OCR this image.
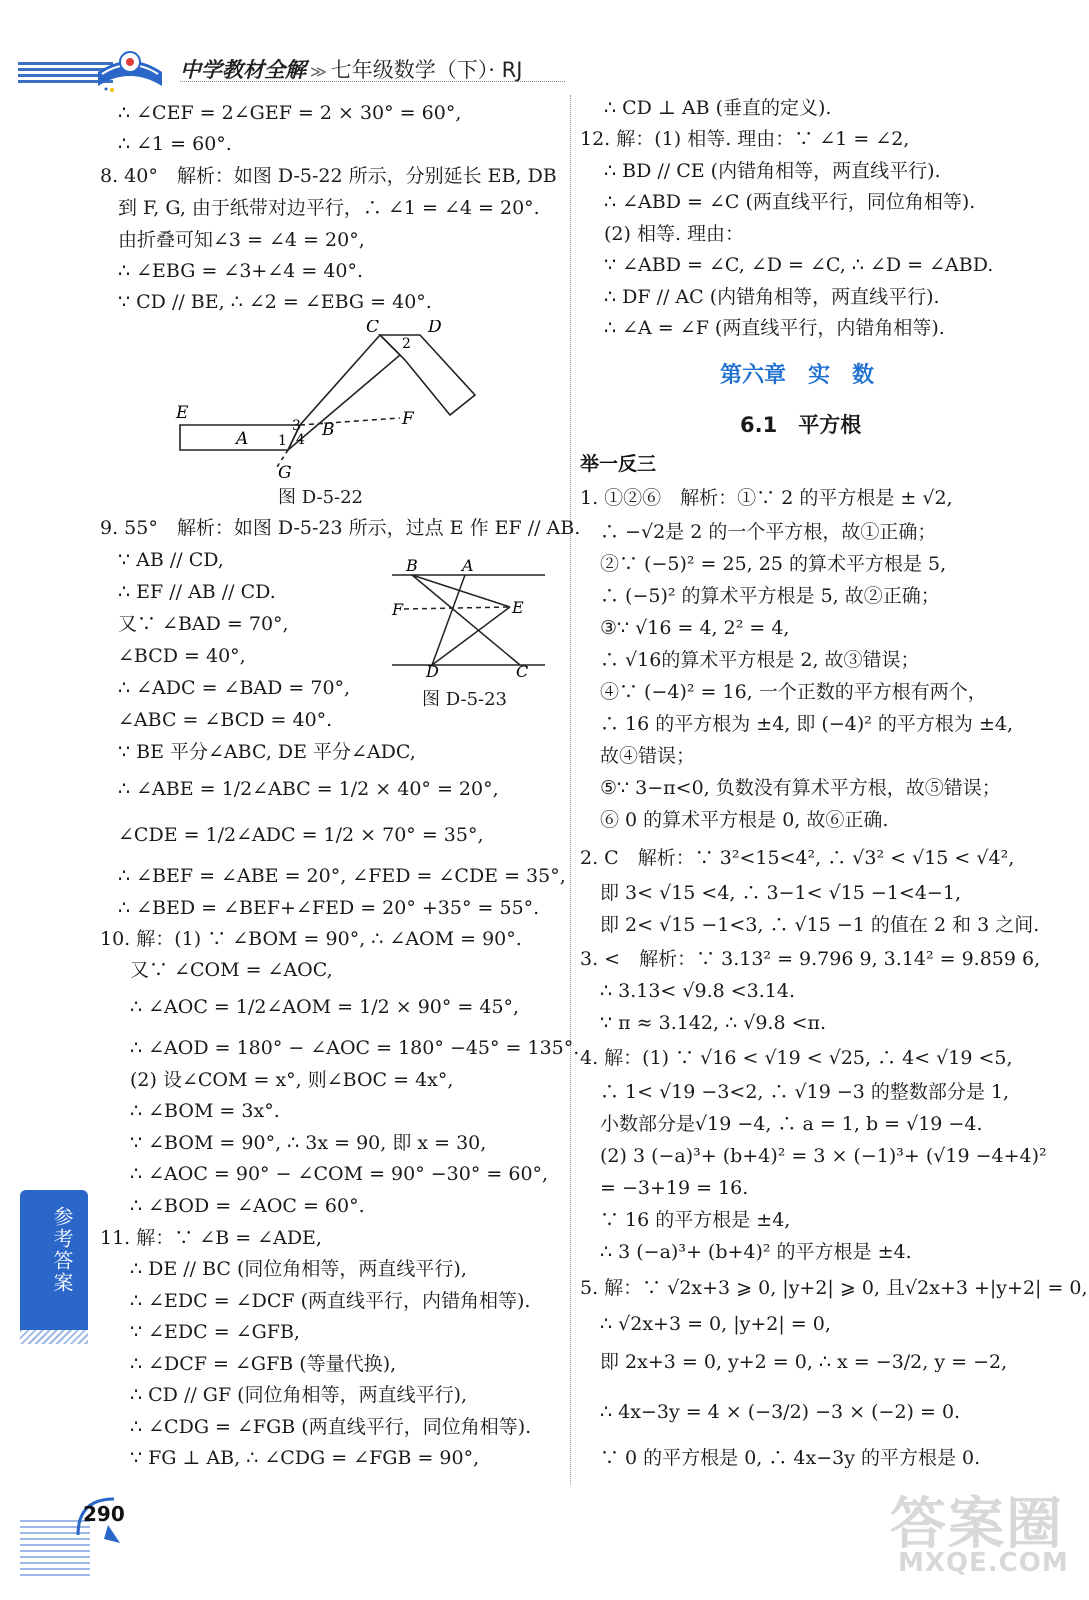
中学教材全解 ≫ 七年级数学（下）· RJ
∴ ∠CEF = 2∠GEF = 2 × 30° = 60°,
∴ ∠1 = 60°.
8. 40°　解析：如图 D-5-22 所示，分别延长 EB, DB
到 F, G, 由于纸带对边平行，∴ ∠1 = ∠4 = 20°.
由折叠可知∠3 = ∠4 = 20°,
∴ ∠EBG = ∠3+∠4 = 40°.
∵ CD // BE, ∴ ∠2 = ∠EBG = 40°.
E
C	D
2
A 1
3
4 B
F
G
图 D-5-22
9. 55°　解析：如图 D-5-23 所示，过点 E 作 EF // AB.
∵ AB // CD,
∴ EF // AB // CD.
又∵ ∠BAD = 70°,
∠BCD = 40°,
∴ ∠ADC = ∠BAD = 70°,
∠ABC = ∠BCD = 40°.
B	A
F	E
D	C
图 D-5-23
∵ BE 平分∠ABC, DE 平分∠ADC,
∴ ∠ABE = 1/2∠ABC = 1/2 × 40° = 20°,
∠CDE = 1/2∠ADC = 1/2 × 70° = 35°,
∴ ∠BEF = ∠ABE = 20°, ∠FED = ∠CDE = 35°,
∴ ∠BED = ∠BEF+∠FED = 20° +35° = 55°.
10. 解：(1) ∵ ∠BOM = 90°, ∴ ∠AOM = 90°.
又∵ ∠COM = ∠AOC,
∴ ∠AOC = 1/2∠AOM = 1/2 × 90° = 45°,
∴ ∠AOD = 180° − ∠AOC = 180° −45° = 135°.
(2) 设∠COM = x°, 则∠BOC = 4x°,
∴ ∠BOM = 3x°.
∵ ∠BOM = 90°, ∴ 3x = 90, 即 x = 30,
∴ ∠AOC = 90° − ∠COM = 90° −30° = 60°,
∴ ∠BOD = ∠AOC = 60°.
11. 解：∵ ∠B = ∠ADE,
∴ DE // BC (同位角相等，两直线平行),
∴ ∠EDC = ∠DCF (两直线平行，内错角相等).
∵ ∠EDC = ∠GFB,
∴ ∠DCF = ∠GFB (等量代换),
∴ CD // GF (同位角相等，两直线平行),
∴ ∠CDG = ∠FGB (两直线平行，同位角相等).
∵ FG ⊥ AB, ∴ ∠CDG = ∠FGB = 90°,
∴ CD ⊥ AB (垂直的定义).
12. 解：(1) 相等. 理由：∵ ∠1 = ∠2,
∴ BD // CE (内错角相等，两直线平行).
∴ ∠ABD = ∠C (两直线平行，同位角相等).
(2) 相等. 理由：
∵ ∠ABD = ∠C, ∠D = ∠C, ∴ ∠D = ∠ABD.
∴ DF // AC (内错角相等，两直线平行).
∴ ∠A = ∠F (两直线平行，内错角相等).
第六章　实　数
6.1　平方根
举一反三
1. ①②⑥　解析：①∵ 2 的平方根是 ± √2,
∴ −√2是 2 的一个平方根，故①正确；
②∵ (−5)² = 25, 25 的算术平方根是 5,
∴ (−5)² 的算术平方根是 5, 故②正确；
③∵ √16 = 4, 2² = 4,
∴ √16的算术平方根是 2, 故③错误；
④∵ (−4)² = 16, 一个正数的平方根有两个，
∴ 16 的平方根为 ±4, 即 (−4)² 的平方根为 ±4,
故④错误；
⑤∵ 3−π<0, 负数没有算术平方根，故⑤错误；
⑥ 0 的算术平方根是 0, 故⑥正确.
2. C　解析：∵ 3²<15<4², ∴ √3² < √15 < √4²,
即 3< √15 <4, ∴ 3−1< √15 −1<4−1,
即 2< √15 −1<3, ∴ √15 −1 的值在 2 和 3 之间.
3. <　解析：∵ 3.13² = 9.796 9, 3.14² = 9.859 6,
∴ 3.13< √9.8 <3.14.
∵ π ≈ 3.142, ∴ √9.8 <π.
4. 解：(1) ∵ √16 < √19 < √25, ∴ 4< √19 <5,
∴ 1< √19 −3<2, ∴ √19 −3 的整数部分是 1,
小数部分是√19 −4, ∴ a = 1, b = √19 −4.
(2) 3 (−a)³+ (b+4)² = 3 × (−1)³+ (√19 −4+4)²
= −3+19 = 16.
∵ 16 的平方根是 ±4,
∴ 3 (−a)³+ (b+4)² 的平方根是 ±4.
5. 解：∵ √2x+3 ⩾ 0, |y+2| ⩾ 0, 且√2x+3 +|y+2| = 0,
∴ √2x+3 = 0, |y+2| = 0,
即 2x+3 = 0, y+2 = 0, ∴ x = −3/2, y = −2,
∴ 4x−3y = 4 × (−3/2) −3 × (−2) = 0.
∵ 0 的平方根是 0, ∴ 4x−3y 的平方根是 0.
参考答案
290	答案圈
MXQE.COM
